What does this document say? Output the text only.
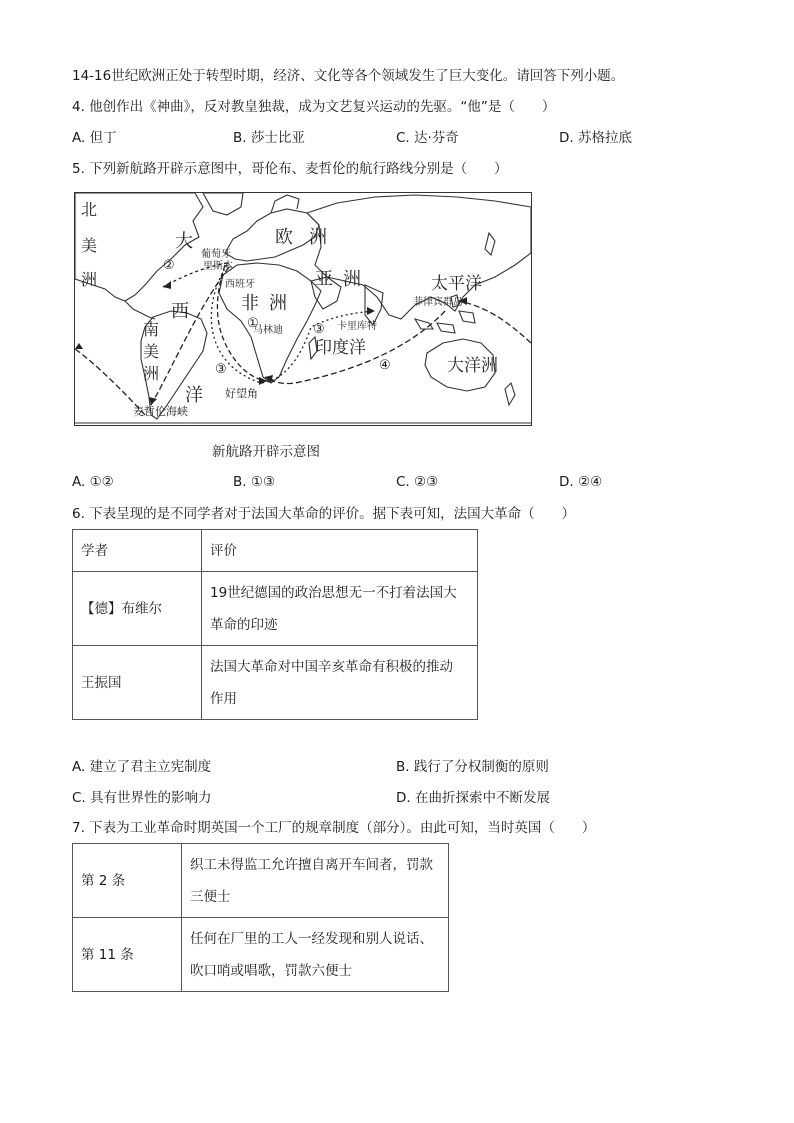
14-16世纪欧洲正处于转型时期，经济、文化等各个领域发生了巨大变化。请回答下列小题。
4. 他创作出《神曲》，反对教皇独裁，成为文艺复兴运动的先驱。“他”是（　　）
A. 但丁	B. 莎士比亚	C. 达·芬奇	D. 苏格拉底
5. 下列新航路开辟示意图中，哥伦布、麦哲伦的航行路线分别是（　　）
北
美
洲
大
西
洋
欧 洲
亚 洲
非 洲
南
美
洲
印度洋
太平洋
大洋洲
葡萄牙
里斯本
西班牙
马林迪	卡里库特
菲律宾群岛
好望角
麦哲伦海峡
②
①
③
③
④
新航路开辟示意图
A. ①②	B. ①③	C. ②③	D. ②④
6. 下表呈现的是不同学者对于法国大革命的评价。据下表可知，法国大革命（　　）
学者	评价
【德】布维尔	19世纪德国的政治思想无一不打着法国大
革命的印迹

王振国	法国大革命对中国辛亥革命有积极的推动
作用
A. 建立了君主立宪制度	B. 践行了分权制衡的原则
C. 具有世界性的影响力	D. 在曲折探索中不断发展
7. 下表为工业革命时期英国一个工厂的规章制度（部分）。由此可知，当时英国（　　）
第 2 条	织工未得监工允许擅自离开车间者，罚款
三便士

第 11 条	任何在厂里的工人一经发现和别人说话、
吹口哨或唱歌，罚款六便士
